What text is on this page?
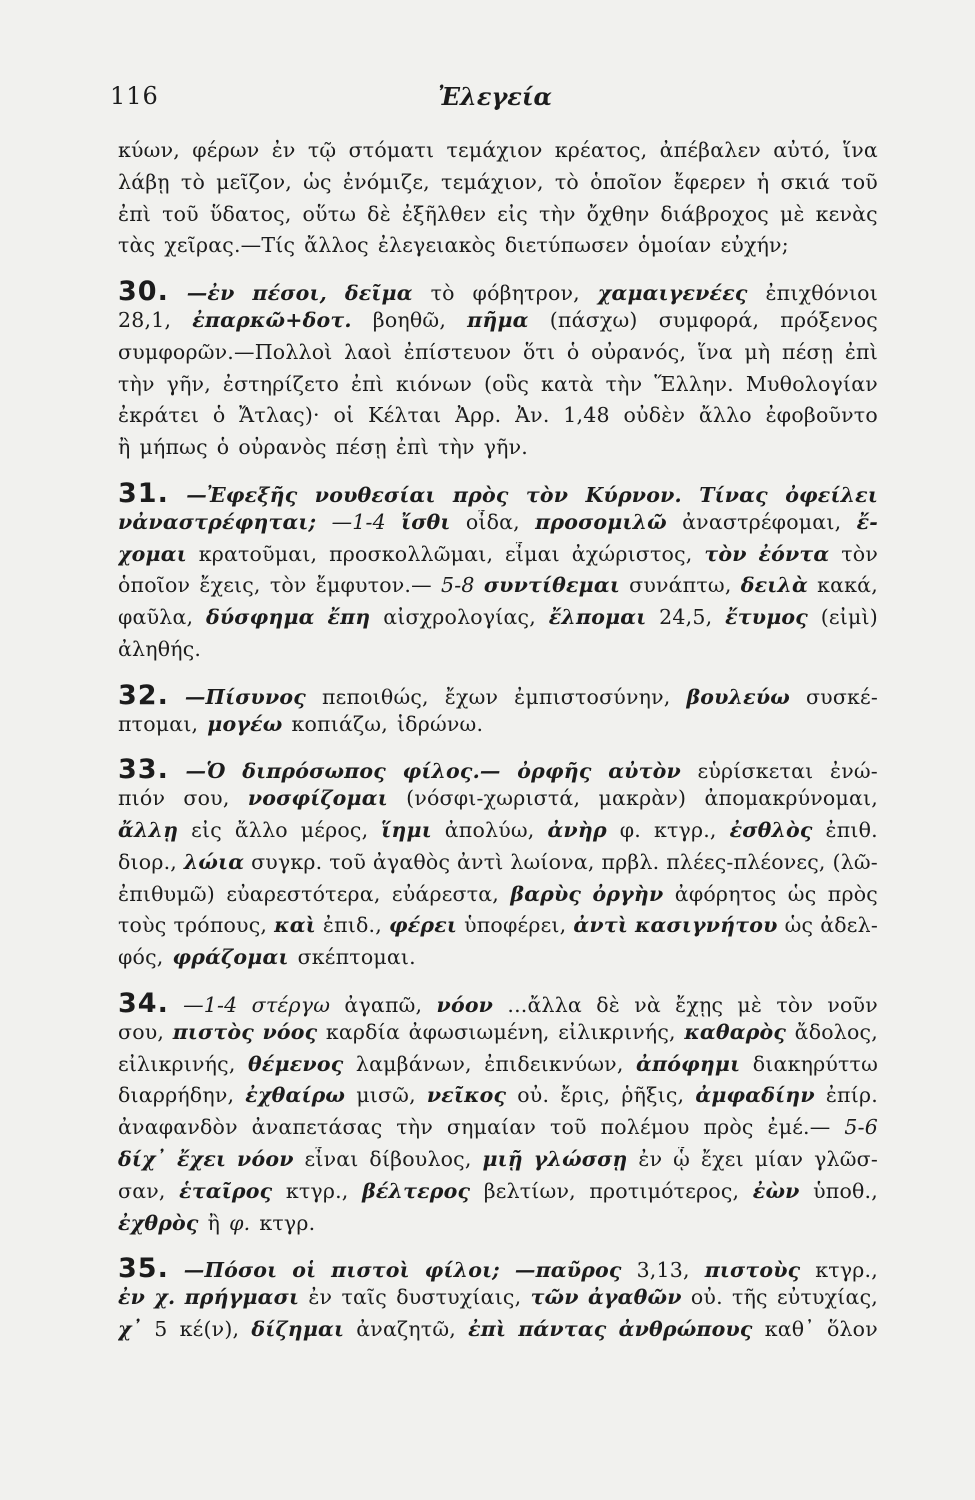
116	Ἐλεγεία
κύων, φέρων ἐν τῷ στόματι τεμάχιον κρέατος, ἀπέβαλεν αὐτό, ἵνα
λάβῃ τὸ μεῖζον, ὡς ἐνόμιζε, τεμάχιον, τὸ ὁποῖον ἔφερεν ἡ σκιά τοῦ
ἐπὶ τοῦ ὕδατος, οὕτω δὲ ἐξῆλθεν εἰς τὴν ὄχθην διάβροχος μὲ κενὰς
τὰς χεῖρας.—Τίς ἄλλος ἐλεγειακὸς διετύπωσεν ὁμοίαν εὐχήν;
30. —ἐν πέσοι, δεῖμα τὸ φόβητρον, χαμαιγενέες ἐπιχθόνιοι
28,1, ἐπαρκῶ+δοτ. βοηθῶ, πῆμα (πάσχω) συμφορά, πρόξενος
συμφορῶν.—Πολλοὶ λαοὶ ἐπίστευον ὅτι ὁ οὐρανός, ἵνα μὴ πέσῃ ἐπὶ
τὴν γῆν, ἐστηρίζετο ἐπὶ κιόνων (οὓς κατὰ τὴν Ἕλλην. Μυθολογίαν
ἐκράτει ὁ Ἄτλας)· οἱ Κέλται Ἀρρ. Ἀν. 1,48 οὐδὲν ἄλλο ἐφοβοῦντο
ἢ μήπως ὁ οὐρανὸς πέσῃ ἐπὶ τὴν γῆν.
31. —Ἐφεξῆς νουθεσίαι πρὸς τὸν Κύρνον. Τίνας ὀφείλει
νἀναστρέφηται; —1-4 ἴσθι οἶδα, προσομιλῶ ἀναστρέφομαι, ἔ-
χομαι κρατοῦμαι, προσκολλῶμαι, εἶμαι ἀχώριστος, τὸν ἐόντα τὸν
ὁποῖον ἔχεις, τὸν ἔμφυτον.— 5-8 συντίθεμαι συνάπτω, δειλὰ κακά,
φαῦλα, δύσφημα ἔπη αἰσχρολογίας, ἔλπομαι 24,5, ἔτυμος (εἰμὶ)
ἀληθής.
32. —Πίσυνος πεποιθώς, ἔχων ἐμπιστοσύνην, βουλεύω συσκέ-
πτομαι, μογέω κοπιάζω, ἱδρώνω.
33. —Ὁ διπρόσωπος φίλος.— ὀρφῆς αὐτὸν εὑρίσκεται ἐνώ-
πιόν σου, νοσφίζομαι (νόσφι-χωριστά, μακρὰν) ἀπομακρύνομαι,
ἄλλῃ εἰς ἄλλο μέρος, ἵημι ἀπολύω, ἀνὴρ φ. κτγρ., ἐσθλὸς ἐπιθ.
διορ., λώια συγκρ. τοῦ ἀγαθὸς ἀντὶ λωίονα, πρβλ. πλέες-πλέονες, (λῶ-
ἐπιθυμῶ) εὐαρεστότερα, εὐάρεστα, βαρὺς ὀργὴν ἀφόρητος ὡς πρὸς
τοὺς τρόπους, καὶ ἐπιδ., φέρει ὑποφέρει, ἀντὶ κασιγνήτου ὡς ἀδελ-
φός, φράζομαι σκέπτομαι.
34. —1-4 στέργω ἀγαπῶ, νόον ...ἄλλα δὲ νὰ ἔχῃς μὲ τὸν νοῦν
σου, πιστὸς νόος καρδία ἀφωσιωμένη, εἰλικρινής, καθαρὸς ἄδολος,
εἰλικρινής, θέμενος λαμβάνων, ἐπιδεικνύων, ἀπόφημι διακηρύττω
διαρρήδην, ἐχθαίρω μισῶ, νεῖκος οὐ. ἔρις, ῥῆξις, ἀμφαδίην ἐπίρ.
ἀναφανδὸν ἀναπετάσας τὴν σημαίαν τοῦ πολέμου πρὸς ἐμέ.— 5-6
δίχ᾽ ἔχει νόον εἶναι δίβουλος, μιῇ γλώσσῃ ἐν ᾧ ἔχει μίαν γλῶσ-
σαν, ἑταῖρος κτγρ., βέλτερος βελτίων, προτιμότερος, ἐὼν ὑποθ.,
ἐχθρὸς ἢ φ. κτγρ.
35. —Πόσοι οἱ πιστοὶ φίλοι; —παῦρος 3,13, πιστοὺς κτγρ.,
ἐν χ. πρήγμασι ἐν ταῖς δυστυχίαις, τῶν ἀγαθῶν οὐ. τῆς εὐτυχίας,
χ᾽ 5 κέ(ν), δίζημαι ἀναζητῶ, ἐπὶ πάντας ἀνθρώπους καθ᾽ ὅλον
